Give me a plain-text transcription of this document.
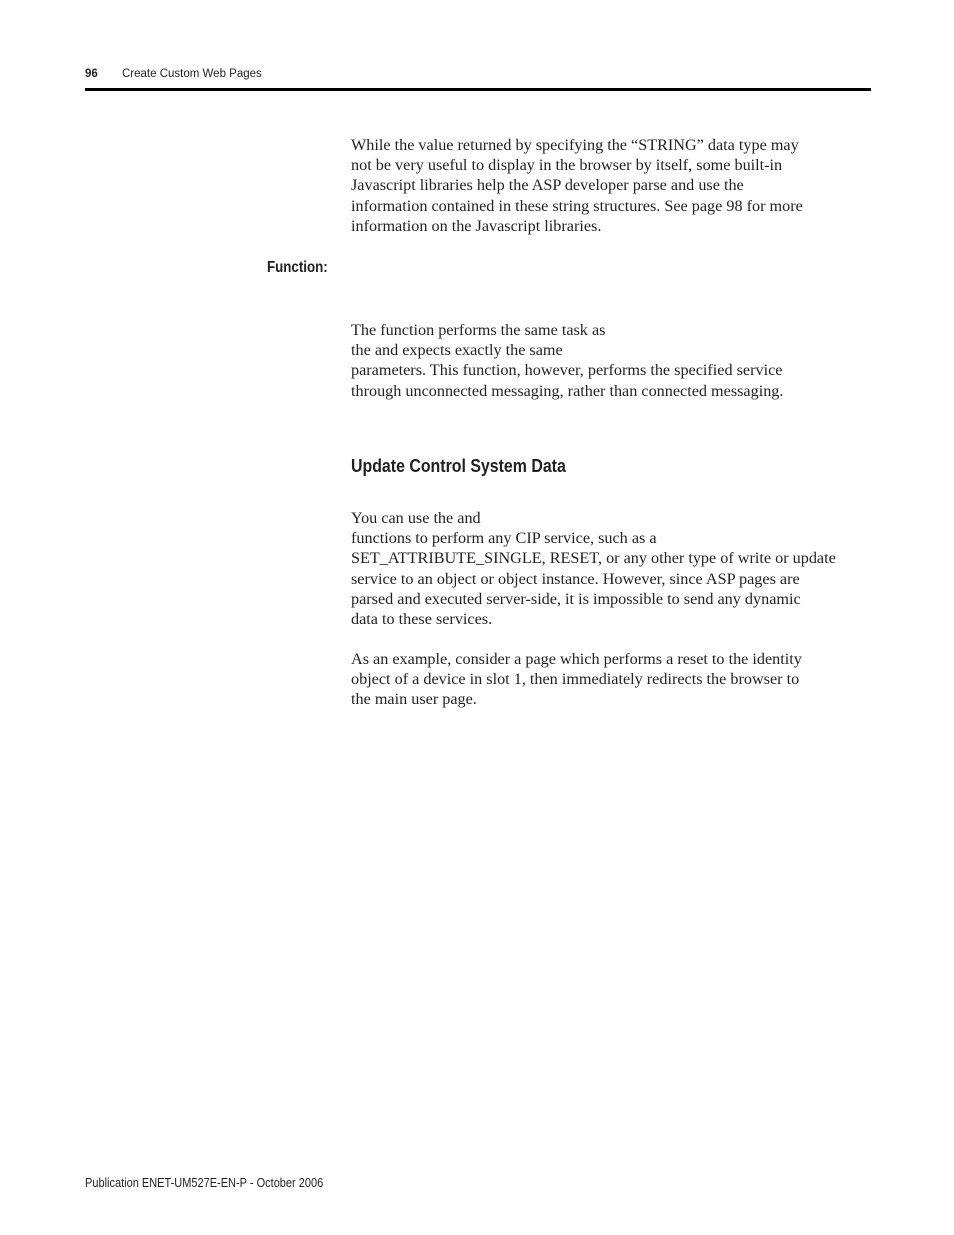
96 Create Custom Web Pages

While the value returned by specifying the “STRING” data type may
not be very useful to display in the browser by itself, some built-in
Javascript libraries help the ASP developer parse and use the
information contained in these string structures. See page 98 for more
information on the Javascript libraries.

Function:

The function performs the same task as
the and expects exactly the same
parameters. This function, however, performs the specified service
through unconnected messaging, rather than connected messaging.

Update Control System Data

You can use the and
functions to perform any CIP service, such as a
SET_ATTRIBUTE_SINGLE, RESET, or any other type of write or update
service to an object or object instance. However, since ASP pages are
parsed and executed server-side, it is impossible to send any dynamic
data to these services.

As an example, consider a page which performs a reset to the identity
object of a device in slot 1, then immediately redirects the browser to
the main user page.

Publication ENET-UM527E-EN-P - October 2006
